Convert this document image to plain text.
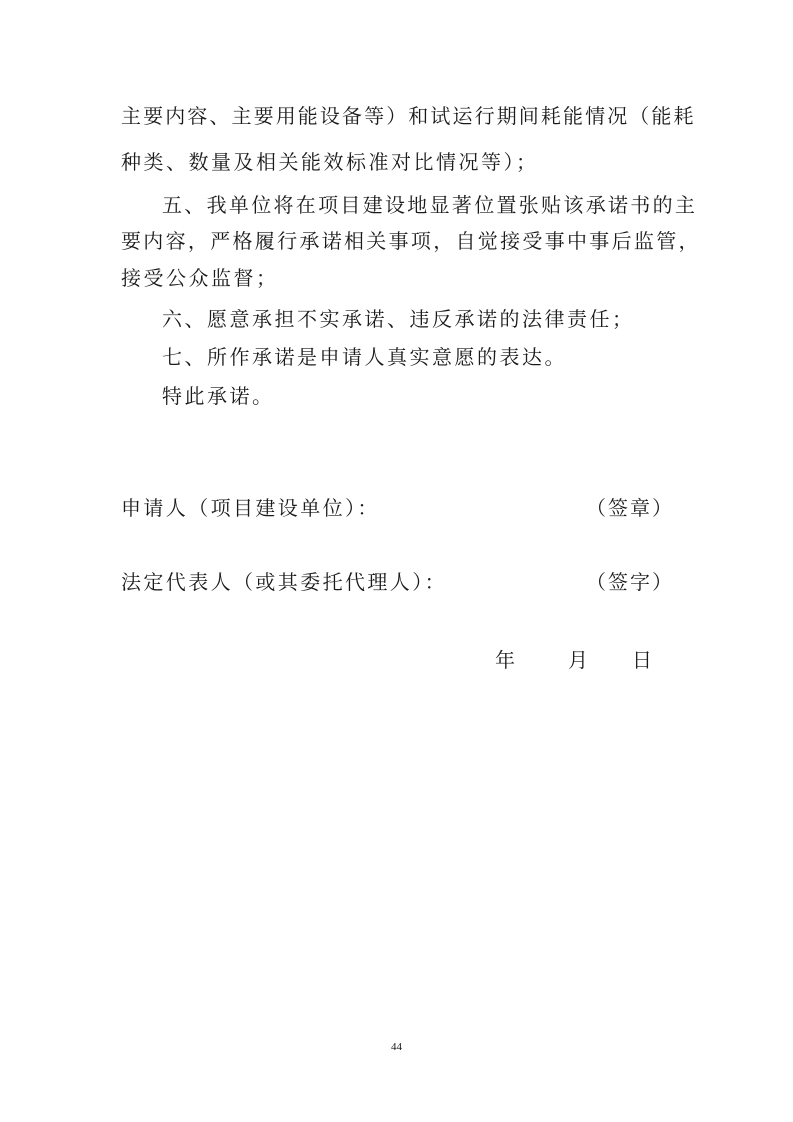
主要内容、主要用能设备等）和试运行期间耗能情况（能耗
种类、数量及相关能效标准对比情况等）；
五、我单位将在项目建设地显著位置张贴该承诺书的主
要内容，严格履行承诺相关事项，自觉接受事中事后监管，
接受公众监督；
六、愿意承担不实承诺、违反承诺的法律责任；
七、所作承诺是申请人真实意愿的表达。
特此承诺。
申请人（项目建设单位）：	（签章）
法定代表人（或其委托代理人）：	（签字）
年	月 日
44
